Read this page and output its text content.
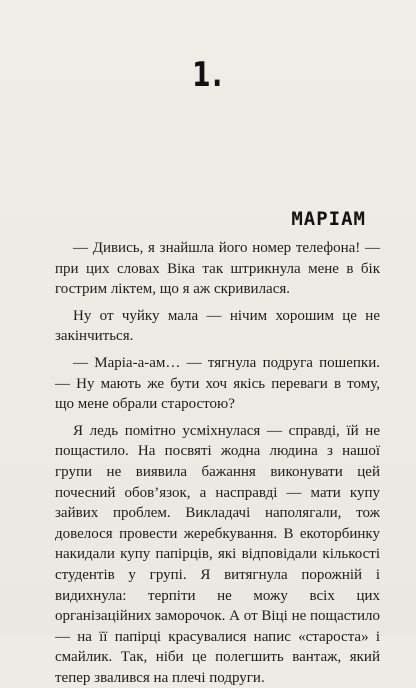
1.
МАРІАМ

— Дивись, я знайшла його номер телефона! — при цих словах Віка так штрикнула мене в бік гострим ліктем, що я аж скривилася.

Ну от чуйку мала — нічим хорошим це не закінчиться.

— Маріа-а-ам… — тягнула подруга пошепки. — Ну мають же бути хоч якісь переваги в тому, що мене обрали старостою?

Я ледь помітно усміхнулася — справді, їй не пощастило. На посвяті жодна людина з нашої групи не виявила бажання виконувати цей почесний обов’язок, а насправді — мати купу зайвих проблем. Викладачі наполягали, тож довелося провести жеребкування. В екоторбинку накидали купу папірців, які відповідали кількості студентів у групі. Я витягнула порожній і видихнула: терпіти не можу всіх цих організаційних заморочок. А от Віці не пощастило — на її папірці красувалися напис «староста» і смайлик. Так, ніби це полегшить вантаж, який тепер звалився на плечі подруги.
